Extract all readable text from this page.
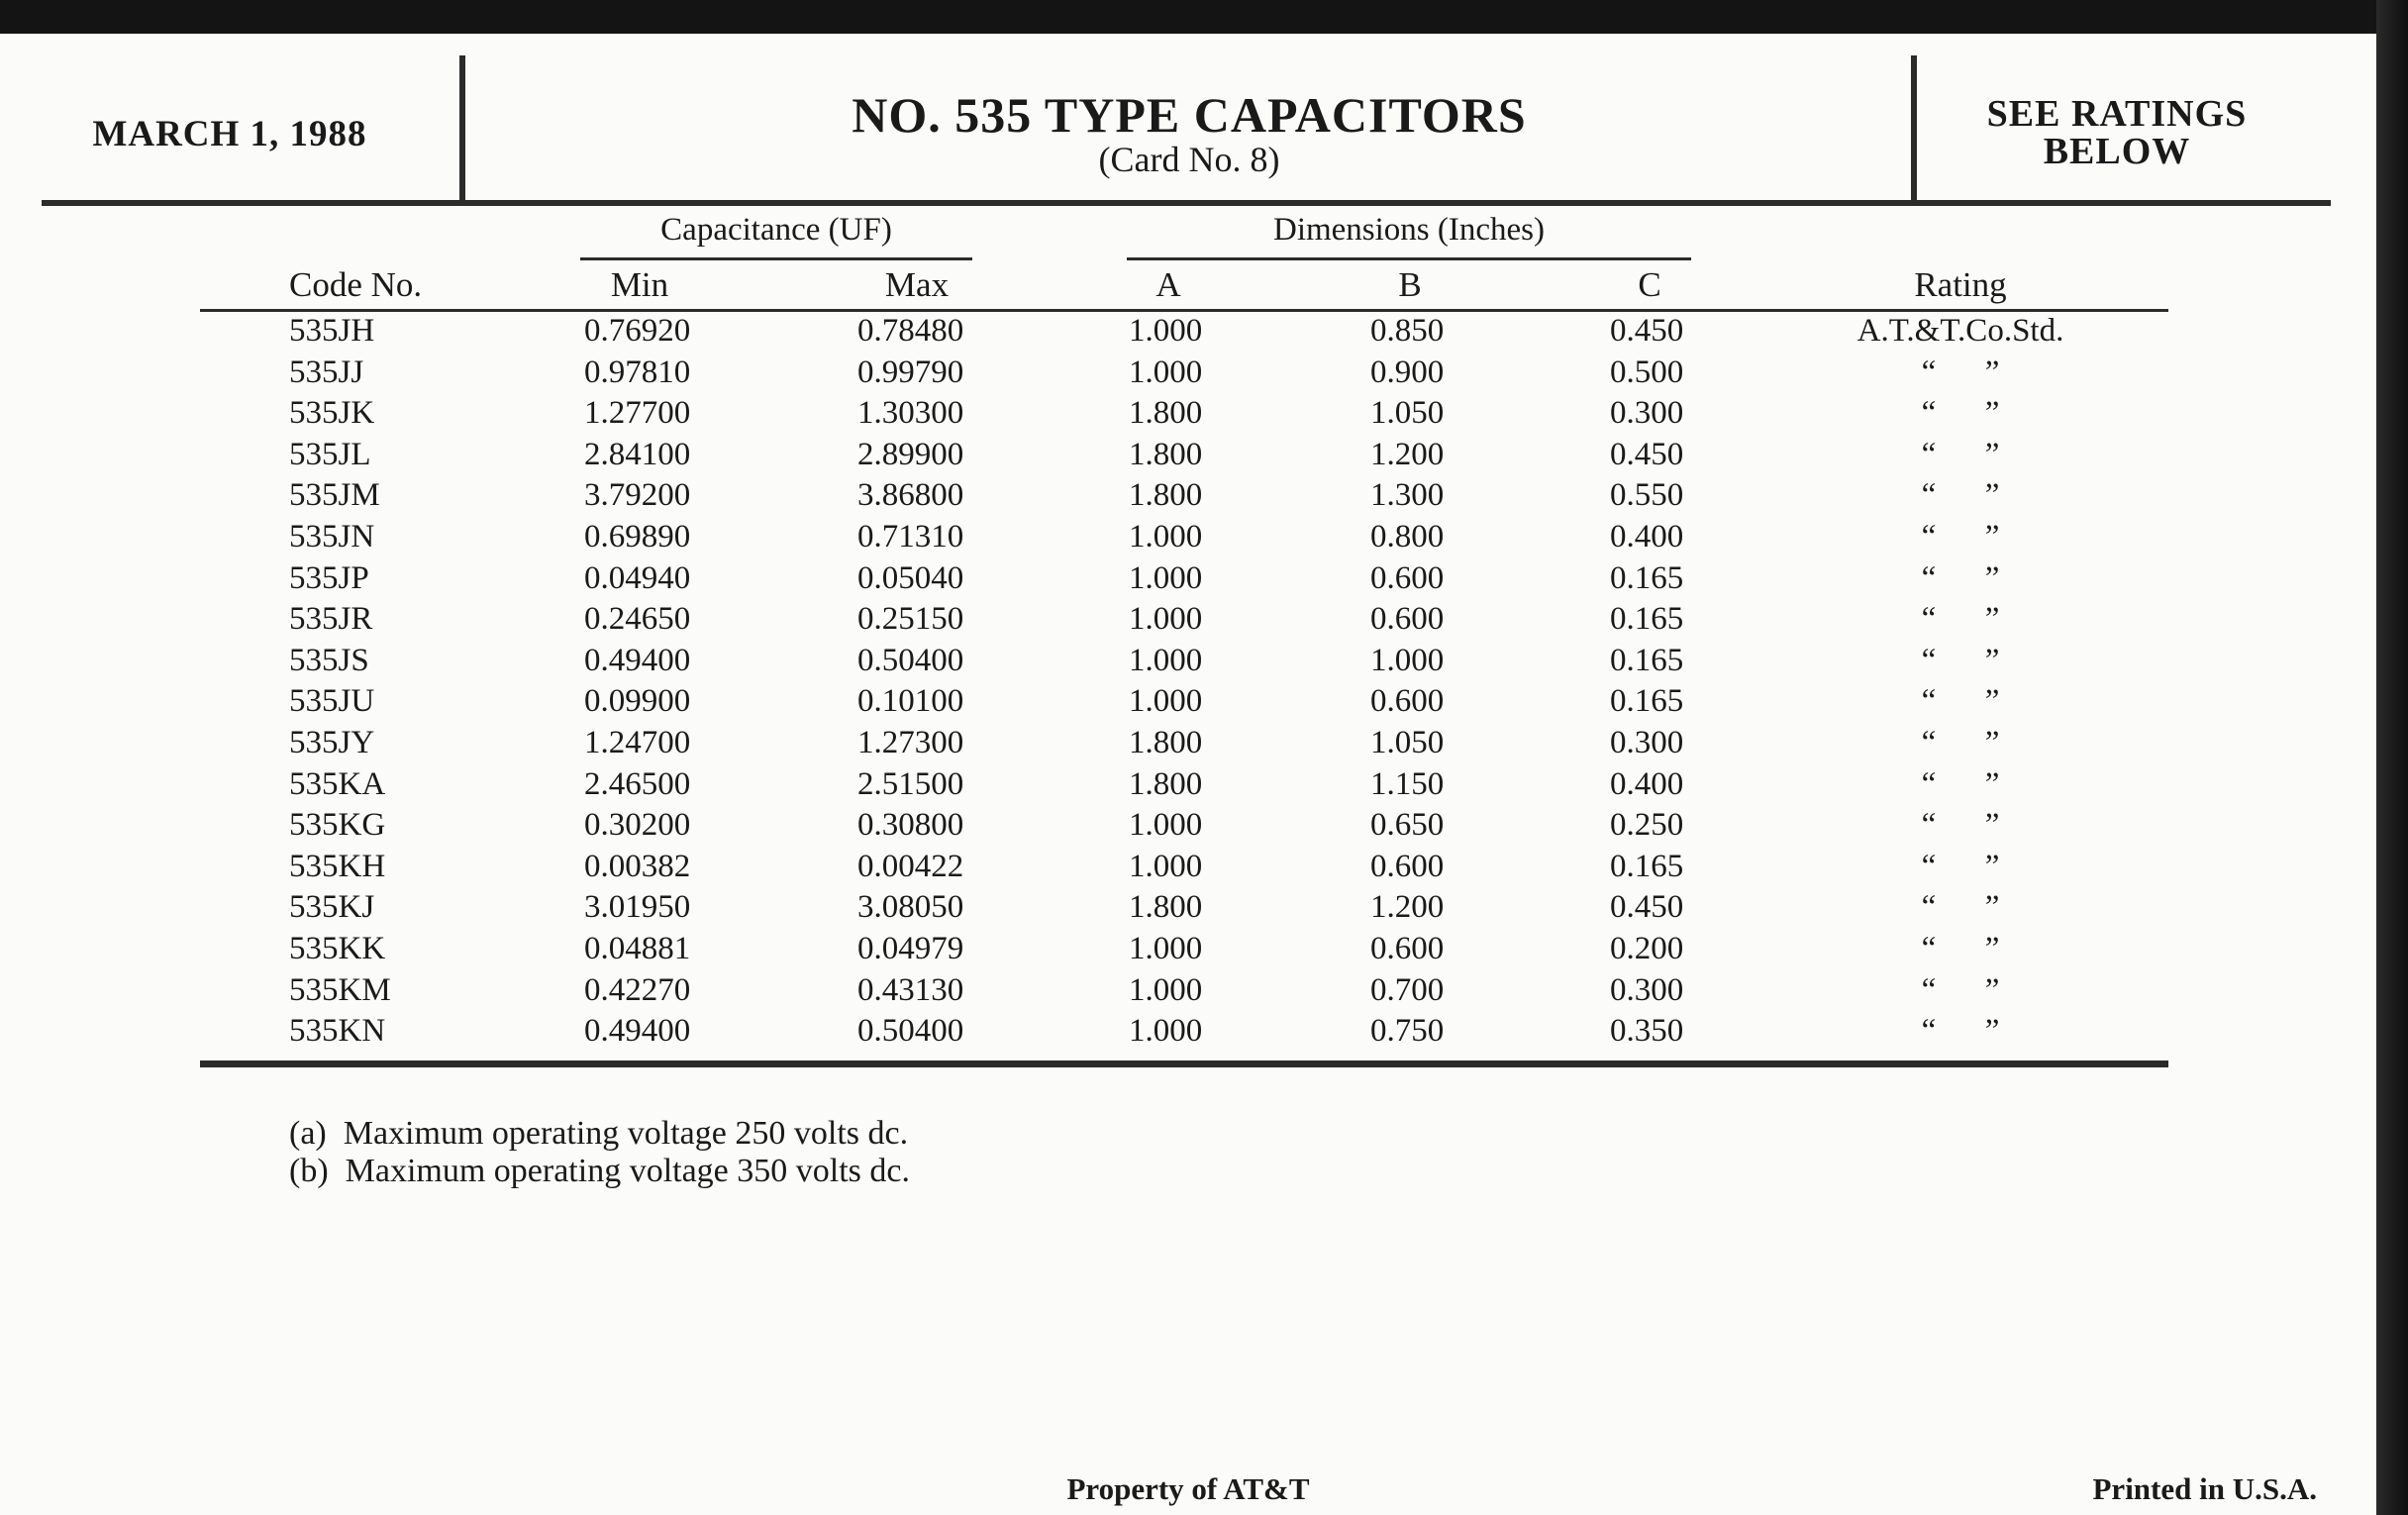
MARCH 1, 1988	NO. 535 TYPE CAPACITORS
(Card No. 8)
SEE RATINGS
BELOW
Capacitance (UF)	Dimensions (Inches)
Code No.	Min	Max	A	B	C	Rating
535JH	0.76920	0.78480	1.000	0.850	0.450	A.T.&T.Co.Std.
535JJ	0.97810	0.99790	1.000	0.900	0.500	“      ”
535JK	1.27700	1.30300	1.800	1.050	0.300	“      ”
535JL	2.84100	2.89900	1.800	1.200	0.450	“      ”
535JM	3.79200	3.86800	1.800	1.300	0.550	“      ”
535JN	0.69890	0.71310	1.000	0.800	0.400	“      ”
535JP	0.04940	0.05040	1.000	0.600	0.165	“      ”
535JR	0.24650	0.25150	1.000	0.600	0.165	“      ”
535JS	0.49400	0.50400	1.000	1.000	0.165	“      ”
535JU	0.09900	0.10100	1.000	0.600	0.165	“      ”
535JY	1.24700	1.27300	1.800	1.050	0.300	“      ”
535KA	2.46500	2.51500	1.800	1.150	0.400	“      ”
535KG	0.30200	0.30800	1.000	0.650	0.250	“      ”
535KH	0.00382	0.00422	1.000	0.600	0.165	“      ”
535KJ	3.01950	3.08050	1.800	1.200	0.450	“      ”
535KK	0.04881	0.04979	1.000	0.600	0.200	“      ”
535KM	0.42270	0.43130	1.000	0.700	0.300	“      ”
535KN	0.49400	0.50400	1.000	0.750	0.350	“      ”
(a)  Maximum operating voltage 250 volts dc.
(b)  Maximum operating voltage 350 volts dc.
Property of AT&T	Printed in U.S.A.
